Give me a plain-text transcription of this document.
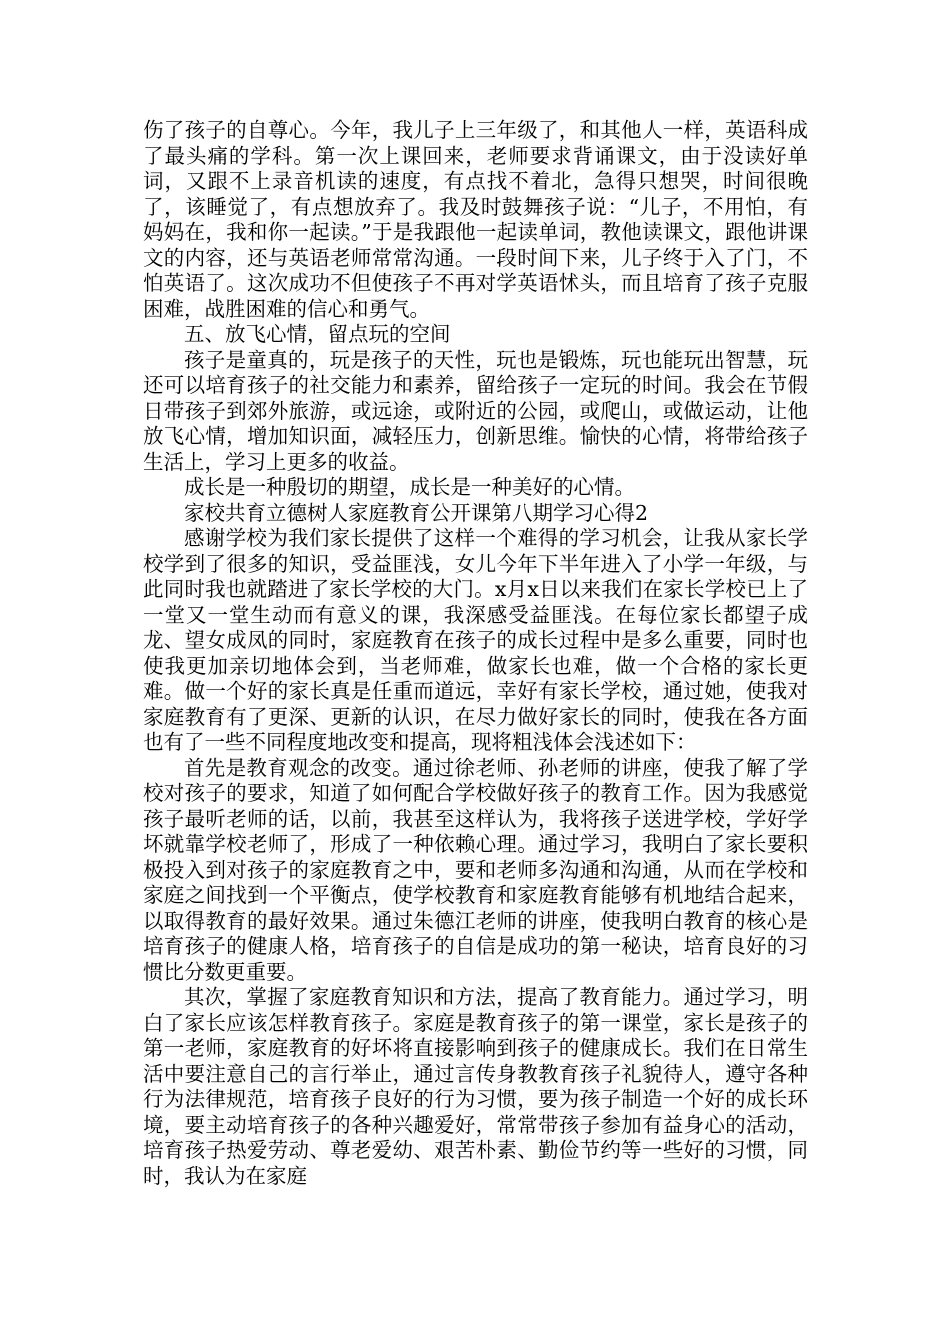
伤了孩子的自尊心。今年，我儿子上三年级了，和其他人一样，英语科成了最头痛的学科。第一次上课回来，老师要求背诵课文，由于没读好单词，又跟不上录音机读的速度，有点找不着北，急得只想哭，时间很晚了，该睡觉了，有点想放弃了。我及时鼓舞孩子说：“儿子，不用怕，有妈妈在，我和你一起读。”于是我跟他一起读单词，教他读课文，跟他讲课文的内容，还与英语老师常常沟通。一段时间下来，儿子终于入了门，不怕英语了。这次成功不但使孩子不再对学英语怵头，而且培育了孩子克服困难，战胜困难的信心和勇气。

五、放飞心情，留点玩的空间

孩子是童真的，玩是孩子的天性，玩也是锻炼，玩也能玩出智慧，玩还可以培育孩子的社交能力和素养，留给孩子一定玩的时间。我会在节假日带孩子到郊外旅游，或远途，或附近的公园，或爬山，或做运动，让他放飞心情，增加知识面，减轻压力，创新思维。愉快的心情，将带给孩子生活上，学习上更多的收益。

成长是一种殷切的期望，成长是一种美好的心情。

家校共育立德树人家庭教育公开课第八期学习心得2

感谢学校为我们家长提供了这样一个难得的学习机会，让我从家长学校学到了很多的知识，受益匪浅，女儿今年下半年进入了小学一年级，与此同时我也就踏进了家长学校的大门。x月x日以来我们在家长学校已上了一堂又一堂生动而有意义的课，我深感受益匪浅。在每位家长都望子成龙、望女成凤的同时，家庭教育在孩子的成长过程中是多么重要，同时也使我更加亲切地体会到，当老师难，做家长也难，做一个合格的家长更难。做一个好的家长真是任重而道远，幸好有家长学校，通过她，使我对家庭教育有了更深、更新的认识，在尽力做好家长的同时，使我在各方面也有了一些不同程度地改变和提高，现将粗浅体会浅述如下：

首先是教育观念的改变。通过徐老师、孙老师的讲座，使我了解了学校对孩子的要求，知道了如何配合学校做好孩子的教育工作。因为我感觉孩子最听老师的话，以前，我甚至这样认为，我将孩子送进学校，学好学坏就靠学校老师了，形成了一种依赖心理。通过学习，我明白了家长要积极投入到对孩子的家庭教育之中，要和老师多沟通和沟通，从而在学校和家庭之间找到一个平衡点，使学校教育和家庭教育能够有机地结合起来，以取得教育的最好效果。通过朱德江老师的讲座，使我明白教育的核心是培育孩子的健康人格，培育孩子的自信是成功的第一秘诀，培育良好的习惯比分数更重要。

其次，掌握了家庭教育知识和方法，提高了教育能力。通过学习，明白了家长应该怎样教育孩子。家庭是教育孩子的第一课堂，家长是孩子的第一老师，家庭教育的好坏将直接影响到孩子的健康成长。我们在日常生活中要注意自己的言行举止，通过言传身教教育孩子礼貌待人，遵守各种行为法律规范，培育孩子良好的行为习惯，要为孩子制造一个好的成长环境，要主动培育孩子的各种兴趣爱好，常常带孩子参加有益身心的活动，培育孩子热爱劳动、尊老爱幼、艰苦朴素、勤俭节约等一些好的习惯，同时，我认为在家庭
